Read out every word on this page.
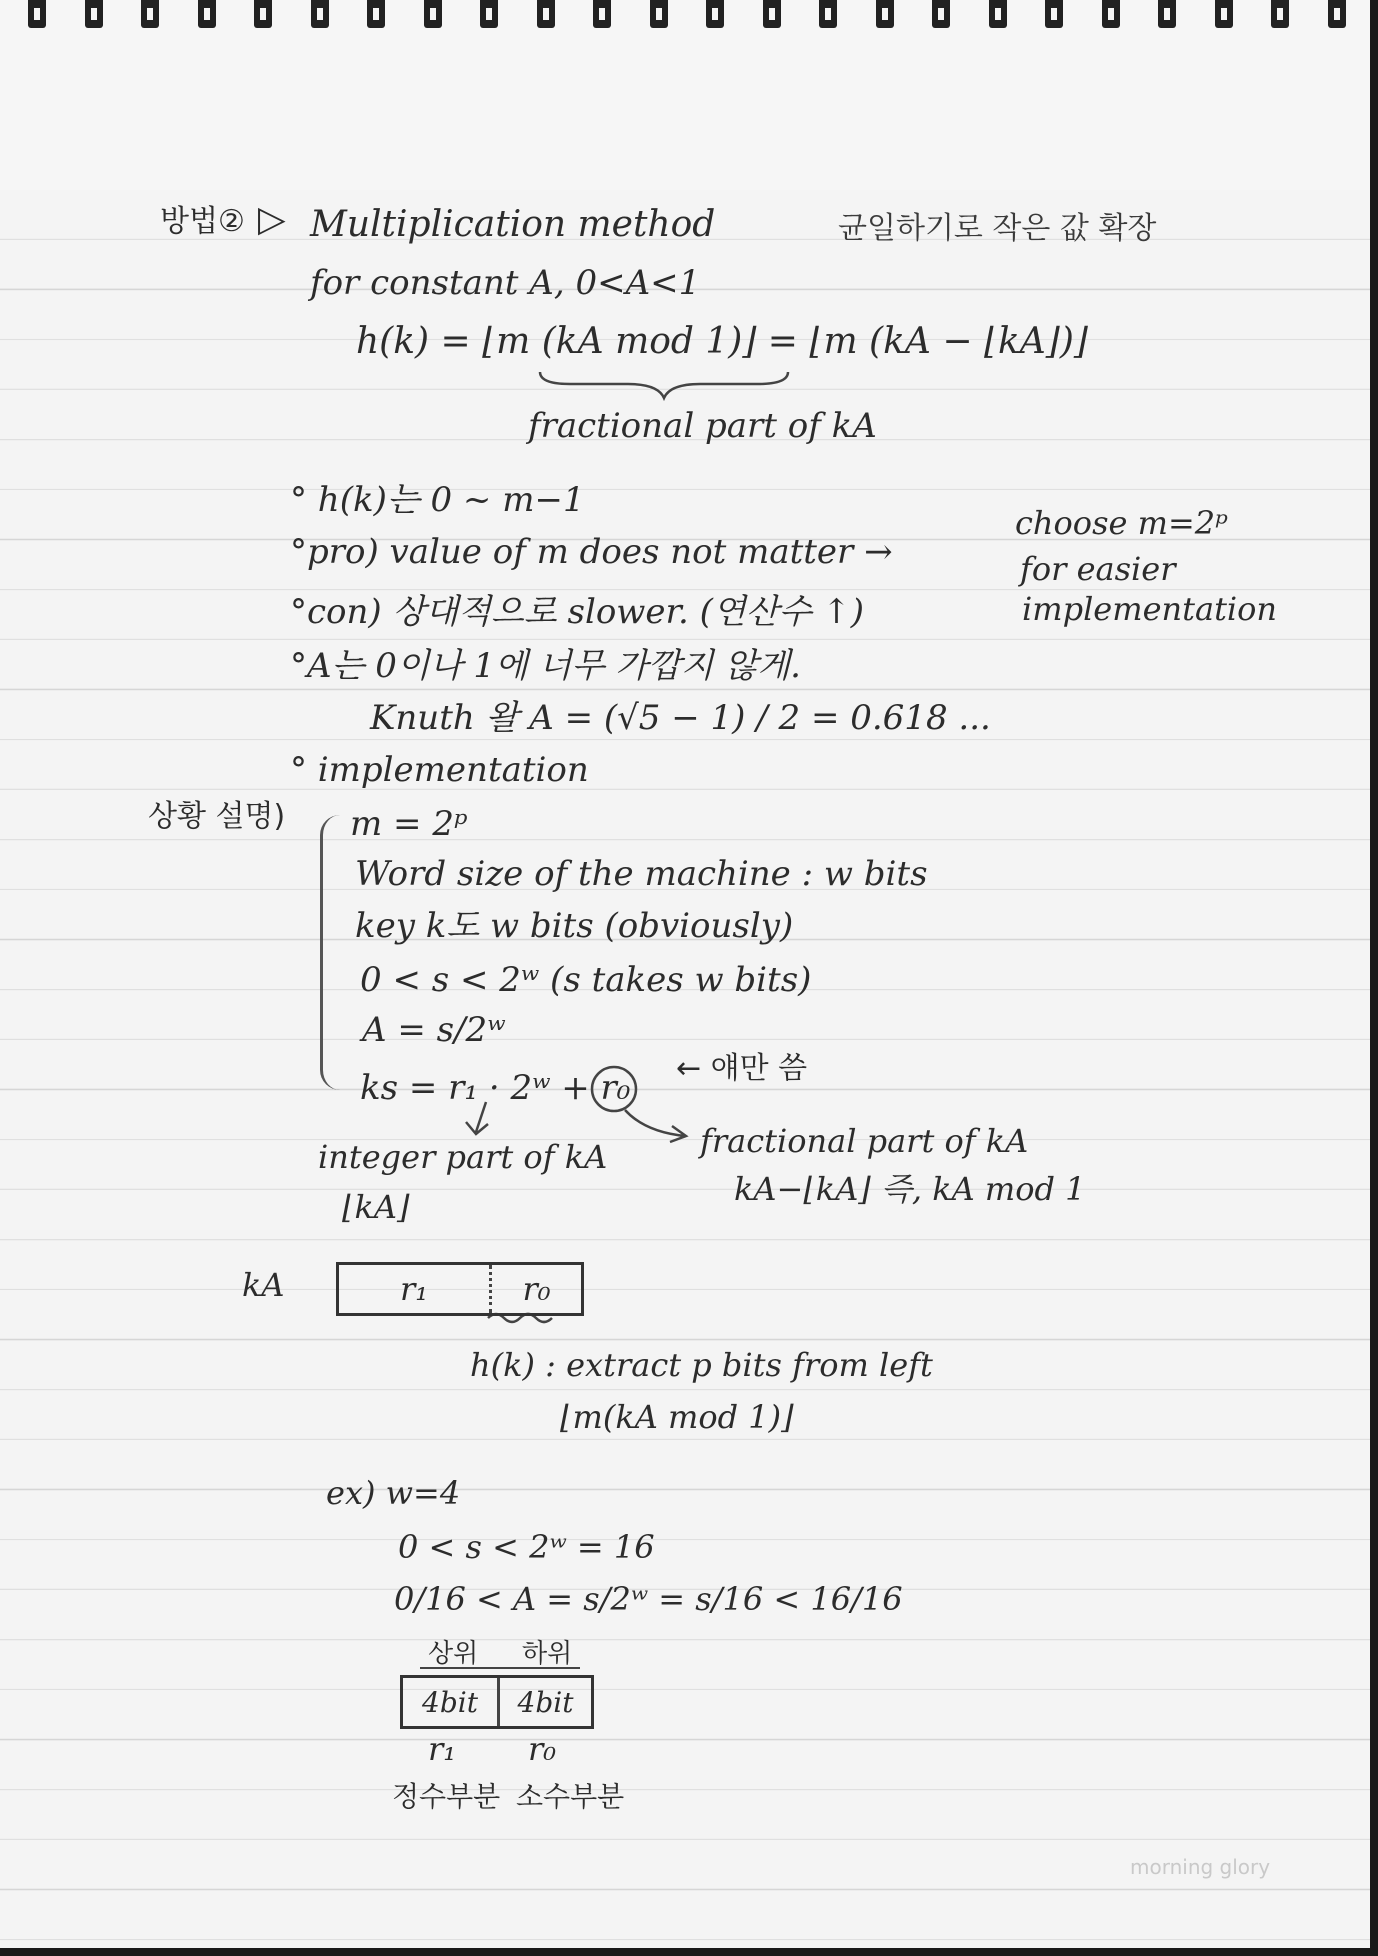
방법② ▷ Multiplication method	균일하기로 작은 값 확장
for constant A, 0<A<1
h(k) = ⌊m (kA mod 1)⌋ = ⌊m (kA − ⌊kA⌋)⌋
fractional part of kA
° h(k)는 0 ~ m−1
°pro) value of m does not matter →
°con) 상대적으로 slower. (연산수 ↑)
°A는 0이나 1에 너무 가깝지 않게.
Knuth 왈 A = (√5 − 1) / 2 = 0.618 ...
° implementation
choose m=2ᵖ
for easier
implementation
상황 설명) m = 2ᵖ
Word size of the machine : w bits
key k도 w bits (obviously)
0 < s < 2ʷ (s takes w bits)
A = s/2ʷ
ks = r₁ · 2ʷ + r₀ ← 얘만 씀
integer part of kA
⌊kA⌋
fractional part of kA
kA−⌊kA⌋ 즉, kA mod 1
kA	r₁	r₀
h(k) : extract p bits from left
⌊m(kA mod 1)⌋
ex) w=4
0 < s < 2ʷ = 16
0/16 < A = s/2ʷ = s/16 < 16/16
상위 하위
4bit	4bit
r₁ r₀
정수부분 소수부분
morning glory
